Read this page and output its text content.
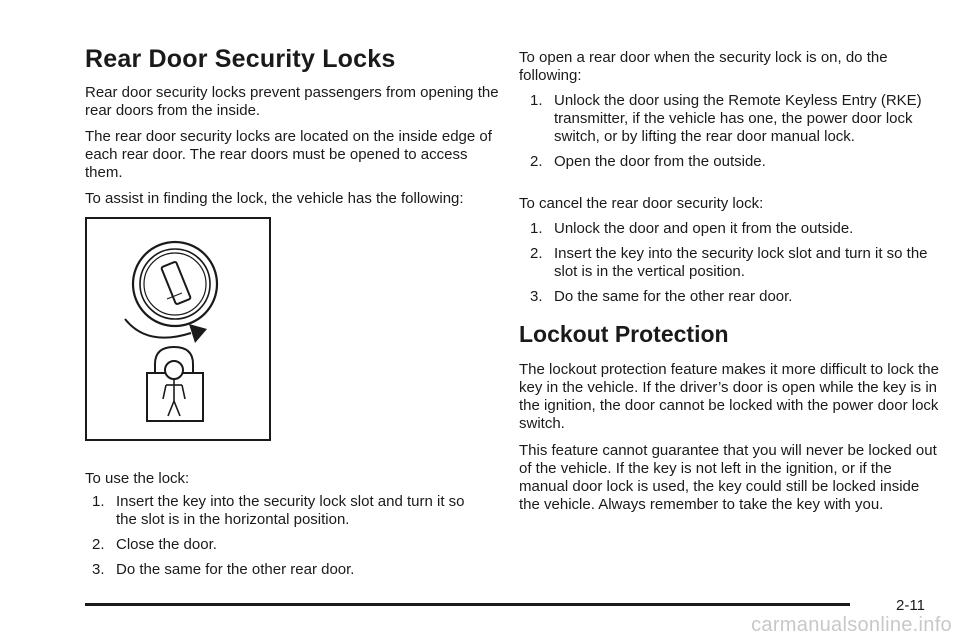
Rear Door Security Locks

Rear door security locks prevent passengers from opening the rear doors from the inside.

The rear door security locks are located on the inside edge of each rear door. The rear doors must be opened to access them.

To assist in finding the lock, the vehicle has the following:

To use the lock:

1. Insert the key into the security lock slot and turn it so the slot is in the horizontal position.
2. Close the door.
3. Do the same for the other rear door.

To open a rear door when the security lock is on, do the following:

1. Unlock the door using the Remote Keyless Entry (RKE) transmitter, if the vehicle has one, the power door lock switch, or by lifting the rear door manual lock.
2. Open the door from the outside.

To cancel the rear door security lock:

1. Unlock the door and open it from the outside.
2. Insert the key into the security lock slot and turn it so the slot is in the vertical position.
3. Do the same for the other rear door.
Lockout Protection

The lockout protection feature makes it more difficult to lock the key in the vehicle. If the driver’s door is open while the key is in the ignition, the door cannot be locked with the power door lock switch.

This feature cannot guarantee that you will never be locked out of the vehicle. If the key is not left in the ignition, or if the manual door lock is used, the key could still be locked inside the vehicle. Always remember to take the key with you.

2-11
carmanualsonline.info
